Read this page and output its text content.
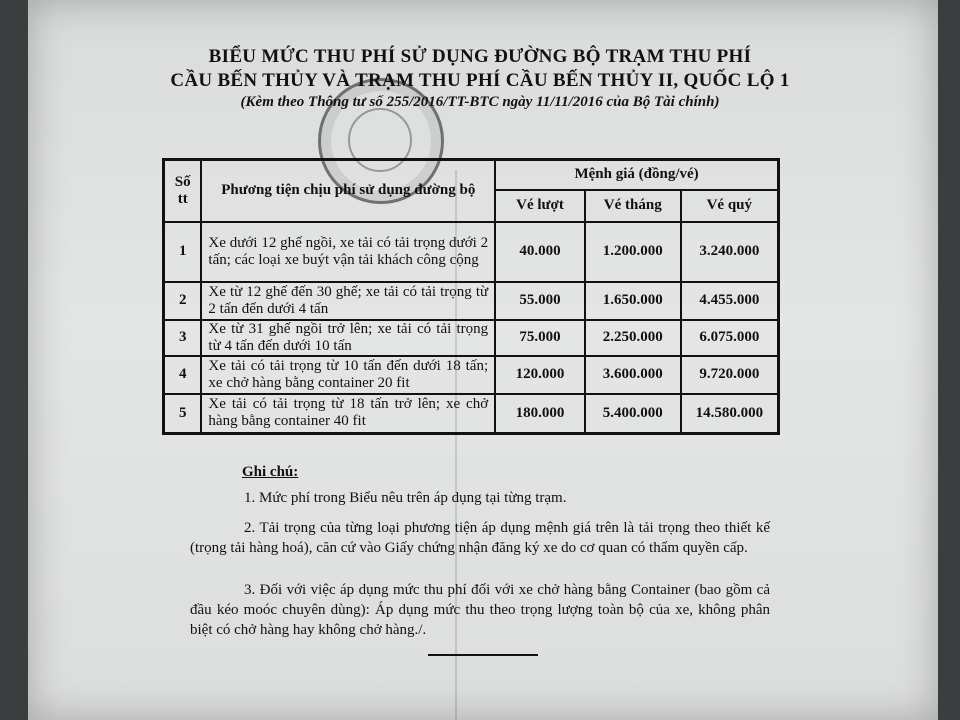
BIỂU MỨC THU PHÍ SỬ DỤNG ĐƯỜNG BỘ TRẠM THU PHÍ
CẦU BẾN THỦY VÀ TRẠM THU PHÍ CẦU BẾN THỦY II, QUỐC LỘ 1
(Kèm theo Thông tư số 255/2016/TT-BTC ngày 11/11/2016 của Bộ Tài chính)
Số tt	Phương tiện chịu phí sử dụng đường bộ	Mệnh giá (đồng/vé)		
		Vé lượt	Vé tháng	Vé quý
1	Xe dưới 12 ghế ngồi, xe tải có tải trọng dưới 2 tấn; các loại xe buýt vận tải khách công cộng	40.000	1.200.000	3.240.000
2	Xe từ 12 ghế đến 30 ghế; xe tải có tải trọng từ 2 tấn đến dưới 4 tấn	55.000	1.650.000	4.455.000
3	Xe từ 31 ghế ngồi trở lên; xe tải có tải trọng từ 4 tấn đến dưới 10 tấn	75.000	2.250.000	6.075.000
4	Xe tải có tải trọng từ 10 tấn đến dưới 18 tấn; xe chở hàng bằng container 20 fit	120.000	3.600.000	9.720.000
5	Xe tải có tải trọng từ 18 tấn trở lên; xe chở hàng bằng container 40 fit	180.000	5.400.000	14.580.000
Ghi chú:
1. Mức phí trong Biểu nêu trên áp dụng tại từng trạm.
2. Tải trọng của từng loại phương tiện áp dụng mệnh giá trên là tải trọng theo thiết kế (trọng tải hàng hoá), căn cứ vào Giấy chứng nhận đăng ký xe do cơ quan có thẩm quyền cấp.
3. Đối với việc áp dụng mức thu phí đối với xe chở hàng bằng Container (bao gồm cả đầu kéo moóc chuyên dùng): Áp dụng mức thu theo trọng lượng toàn bộ của xe, không phân biệt có chở hàng hay không chở hàng./.
